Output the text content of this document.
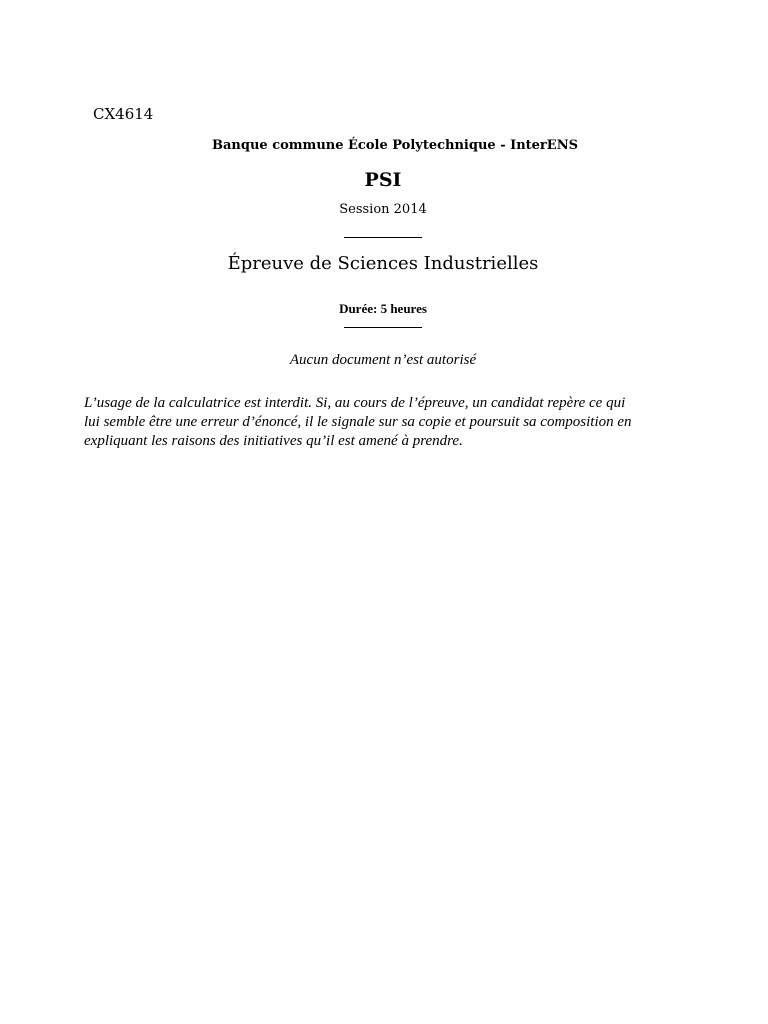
CX4614
Banque commune École Polytechnique - InterENS
PSI
Session 2014
Épreuve de Sciences Industrielles
Durée: 5 heures
Aucun document n’est autorisé
L’usage de la calculatrice est interdit. Si, au cours de l’épreuve, un candidat repère ce qui
lui semble être une erreur d’énoncé, il le signale sur sa copie et poursuit sa composition en
expliquant les raisons des initiatives qu’il est amené à prendre.
